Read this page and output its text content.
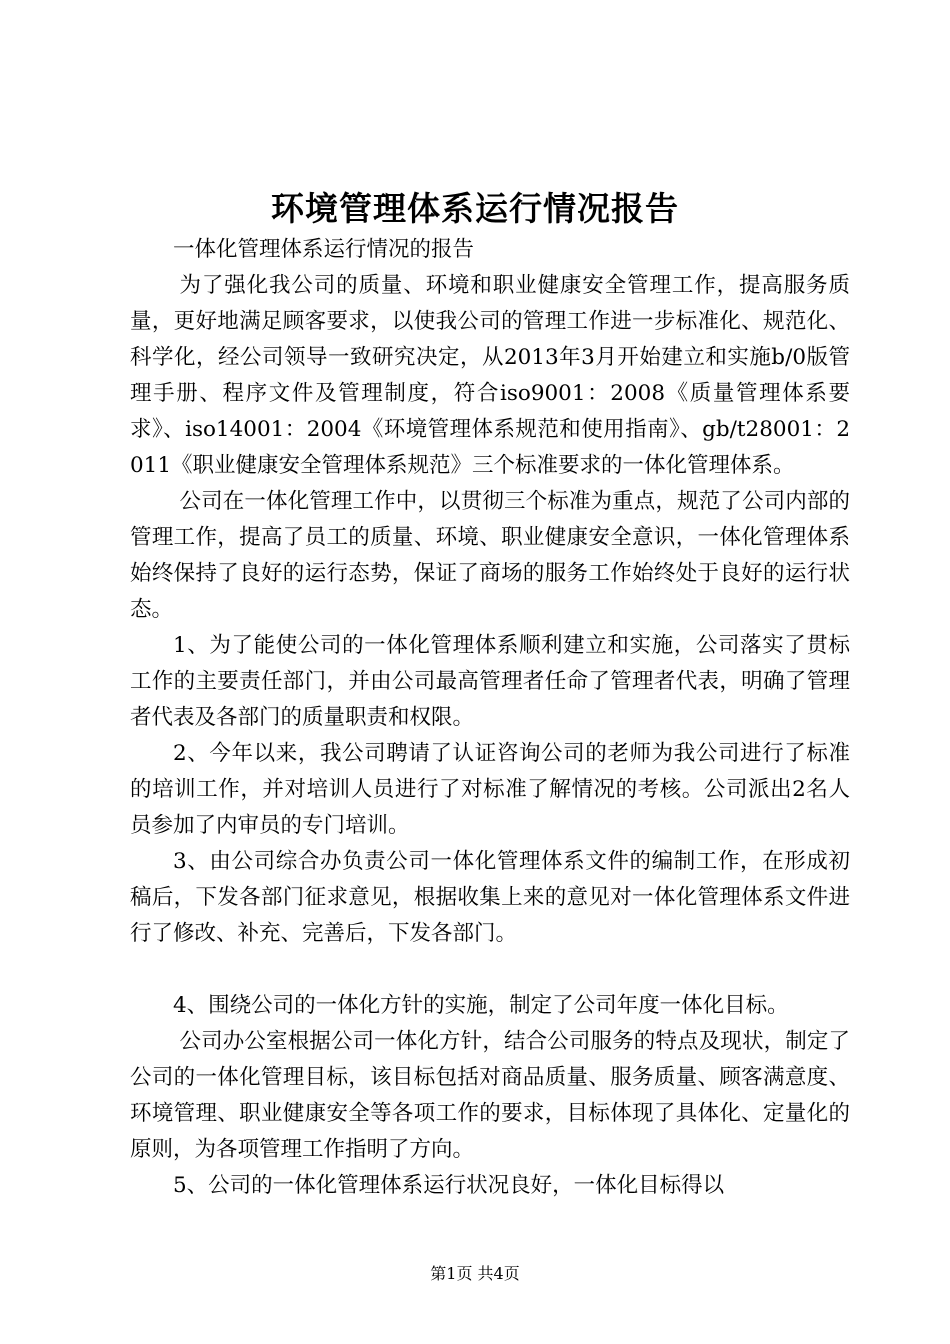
环境管理体系运行情况报告

一体化管理体系运行情况的报告

为了强化我公司的质量、环境和职业健康安全管理工作，提高服务质量，更好地满足顾客要求，以使我公司的管理工作进一步标准化、规范化、科学化，经公司领导一致研究决定，从2013年3月开始建立和实施b/0版管理手册、程序文件及管理制度，符合iso9001：2008《质量管理体系要求》、iso14001：2004《环境管理体系规范和使用指南》、gb/t28001：2011《职业健康安全管理体系规范》三个标准要求的一体化管理体系。

公司在一体化管理工作中，以贯彻三个标准为重点，规范了公司内部的管理工作，提高了员工的质量、环境、职业健康安全意识，一体化管理体系始终保持了良好的运行态势，保证了商场的服务工作始终处于良好的运行状态。

1、为了能使公司的一体化管理体系顺利建立和实施，公司落实了贯标工作的主要责任部门，并由公司最高管理者任命了管理者代表，明确了管理者代表及各部门的质量职责和权限。

2、今年以来，我公司聘请了认证咨询公司的老师为我公司进行了标准的培训工作，并对培训人员进行了对标准了解情况的考核。公司派出2名人员参加了内审员的专门培训。

3、由公司综合办负责公司一体化管理体系文件的编制工作，在形成初稿后，下发各部门征求意见，根据收集上来的意见对一体化管理体系文件进行了修改、补充、完善后，下发各部门。

4、围绕公司的一体化方针的实施，制定了公司年度一体化目标。

公司办公室根据公司一体化方针，结合公司服务的特点及现状，制定了公司的一体化管理目标，该目标包括对商品质量、服务质量、顾客满意度、环境管理、职业健康安全等各项工作的要求，目标体现了具体化、定量化的原则，为各项管理工作指明了方向。

5、公司的一体化管理体系运行状况良好，一体化目标得以

第1页 共4页
